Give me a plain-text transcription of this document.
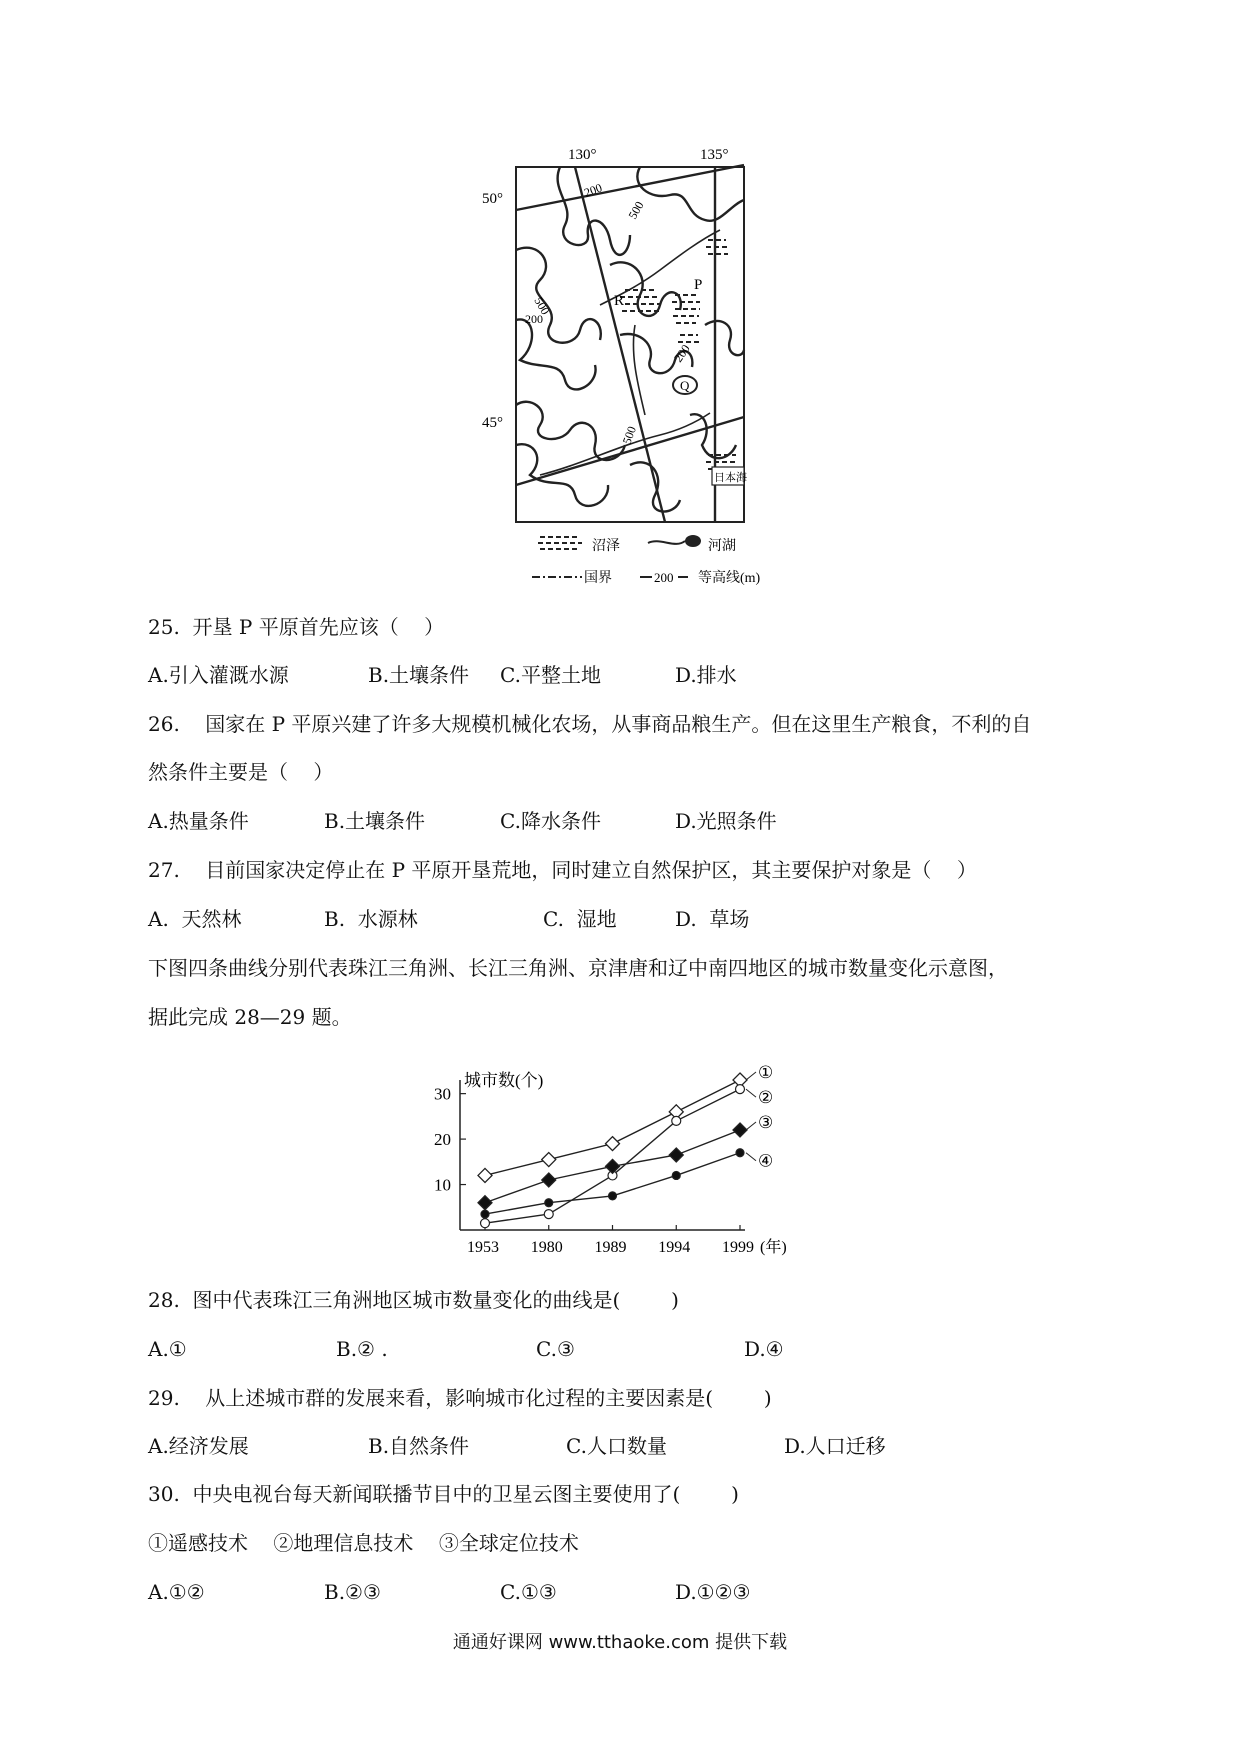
130°	135°
50°
45°
200
500
500
200
200
500
R
P
Q
日本海
沼泽	河湖
国界	200 等高线(m)
25.  开垦 P 平原首先应该（    ）

A.引入灌溉水源

	B.土壤条件

C.平整土地

	D.排水

26.    国家在 P 平原兴建了许多大规模机械化农场，从事商品粮生产。但在这里生产粮食，不利的自
然条件主要是（    ）

A.热量条件

	B.土壤条件

	C.降水条件

	D.光照条件

27.    目前国家决定停止在 P 平原开垦荒地，同时建立自然保护区，其主要保护对象是（    ）

A.  天然林

	B.  水源林

	C.  湿地

	D.  草场

下图四条曲线分别代表珠江三角洲、长江三角洲、京津唐和辽中南四地区的城市数量变化示意图，
据此完成 28—29 题。
10
20
30
城市数(个)
1953 1980 1989 1994 1999 (年)
①
②
③
④
28.  图中代表珠江三角洲地区城市数量变化的曲线是(        )

A.①

	B.② .

	C.③

	D.④

29.    从上述城市群的发展来看，影响城市化过程的主要因素是(        )

A.经济发展

	B.自然条件

	C.人口数量

	D.人口迁移

30.  中央电视台每天新闻联播节目中的卫星云图主要使用了(        )
①遥感技术    ②地理信息技术    ③全球定位技术

A.①②

	B.②③

	C.①③

	D.①②③

通通好课网 www.tthaoke.com 提供下载
